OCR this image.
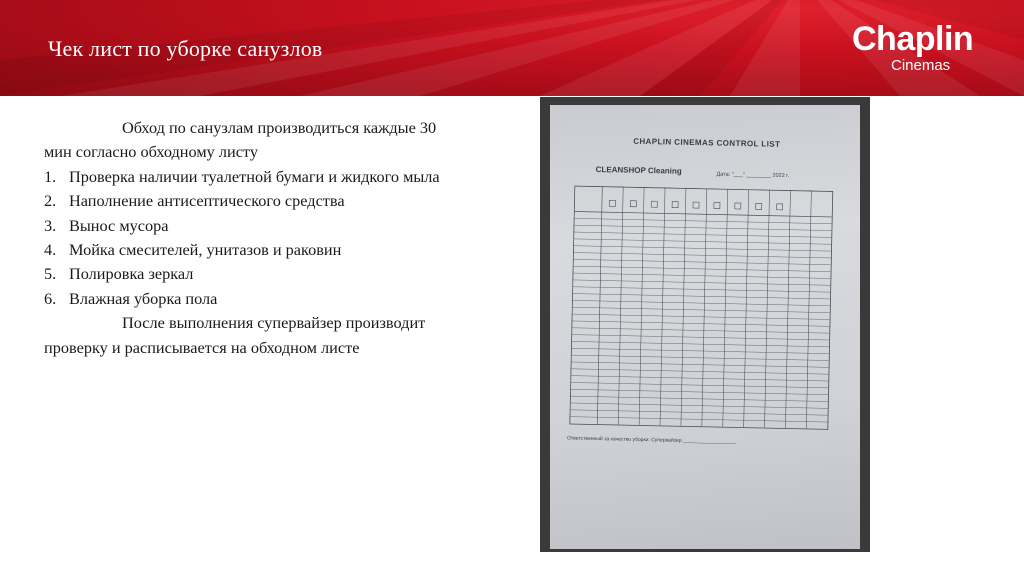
Чек лист по уборке санузлов	Chaplin
Cinemas

Обход по санузлам производиться каждые 30 мин согласно обходному листу

1. Проверка наличии туалетной бумаги и жидкого мыла
2. Наполнение антисептического средства
3. Вынос мусора
4. Мойка смесителей, унитазов и раковин
5. Полировка зеркал
6. Влажная уборка пола

После выполнения супервайзер производит проверку и расписывается на обходном листе

CHAPLIN CINEMAS CONTROL LIST
CLEANSHOP Cleaning	Дата: "___" ________ 2022 г.
Ответственный за качество уборки: Супервайзер ___________________
